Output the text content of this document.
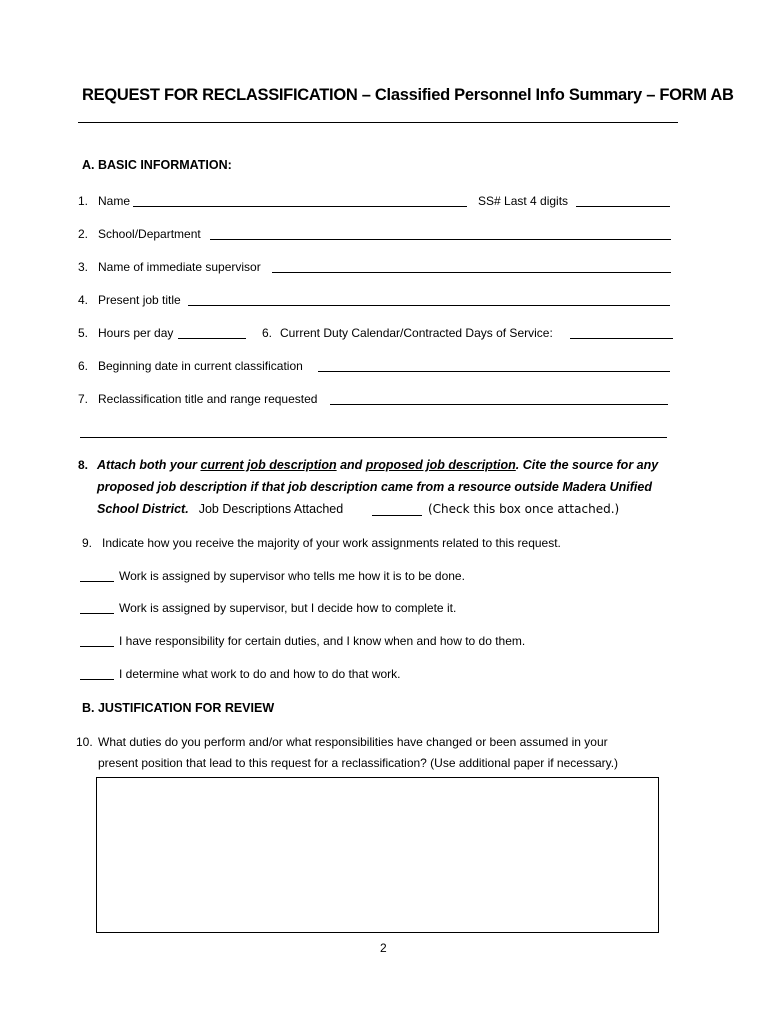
REQUEST FOR RECLASSIFICATION – Classified Personnel Info Summary – FORM AB
A. BASIC INFORMATION:
1. Name	SS# Last 4 digits
2. School/Department
3. Name of immediate supervisor
4. Present job title
5. Hours per day	6. Current Duty Calendar/Contracted Days of Service:
6. Beginning date in current classification
7. Reclassification title and range requested
8. Attach both your current job description and proposed job description. Cite the source for any
proposed job description if that job description came from a resource outside Madera Unified
School District. Job Descriptions Attached	(Check this box once attached.)
9. Indicate how you receive the majority of your work assignments related to this request.
Work is assigned by supervisor who tells me how it is to be done.
Work is assigned by supervisor, but I decide how to complete it.
I have responsibility for certain duties, and I know when and how to do them.
I determine what work to do and how to do that work.
B. JUSTIFICATION FOR REVIEW
10. What duties do you perform and/or what responsibilities have changed or been assumed in your
present position that lead to this request for a reclassification? (Use additional paper if necessary.)
2
